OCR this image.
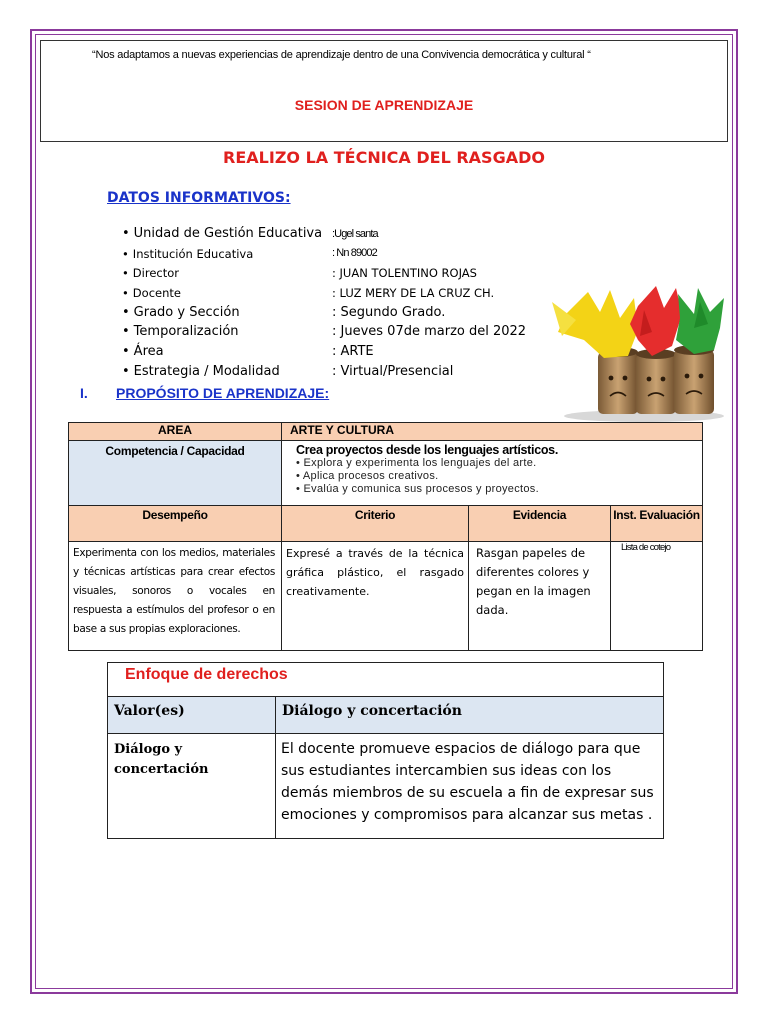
“Nos adaptamos a nuevas experiencias de aprendizaje dentro de una Convivencia democrática y cultural “
SESION DE APRENDIZAJE
REALIZO LA TÉCNICA DEL RASGADO
DATOS INFORMATIVOS:
• Unidad de Gestión Educativa :Ugel santa
• Institución Educativa	: Nn 89002
• Director	: JUAN TOLENTINO ROJAS
• Docente	: LUZ MERY DE LA CRUZ CH.
• Grado y Sección	: Segundo Grado.
• Temporalización	: Jueves 07de marzo del 2022
• Área	: ARTE
• Estrategia / Modalidad	: Virtual/Presencial
I. PROPÓSITO DE APRENDIZAJE:
AREA	ARTE Y CULTURA		
Competencia / Capacidad	Crea proyectos desde los lenguajes artísticos.
• Explora y experimenta los lenguajes del arte.
• Aplica procesos creativos.
• Evalúa y comunica sus procesos y proyectos.		

Desempeño	Criterio	Evidencia	Inst. Evaluación
Experimenta con los medios, materiales y técnicas artísticas para crear efectos visuales, sonoros o vocales en respuesta a estímulos del profesor o en base a sus propias exploraciones.	Expresé a través de la técnica gráfica plástico, el rasgado creativamente.	Rasgan papeles de diferentes colores y pegan en la imagen dada.	Lista de cotejo
Enfoque de derechos	
Valor(es)	Diálogo y concertación
Diálogo y concertación	El docente promueve espacios de diálogo para que sus estudiantes intercambien sus ideas con los demás miembros de su escuela a fin de expresar sus emociones y compromisos para alcanzar sus metas .
